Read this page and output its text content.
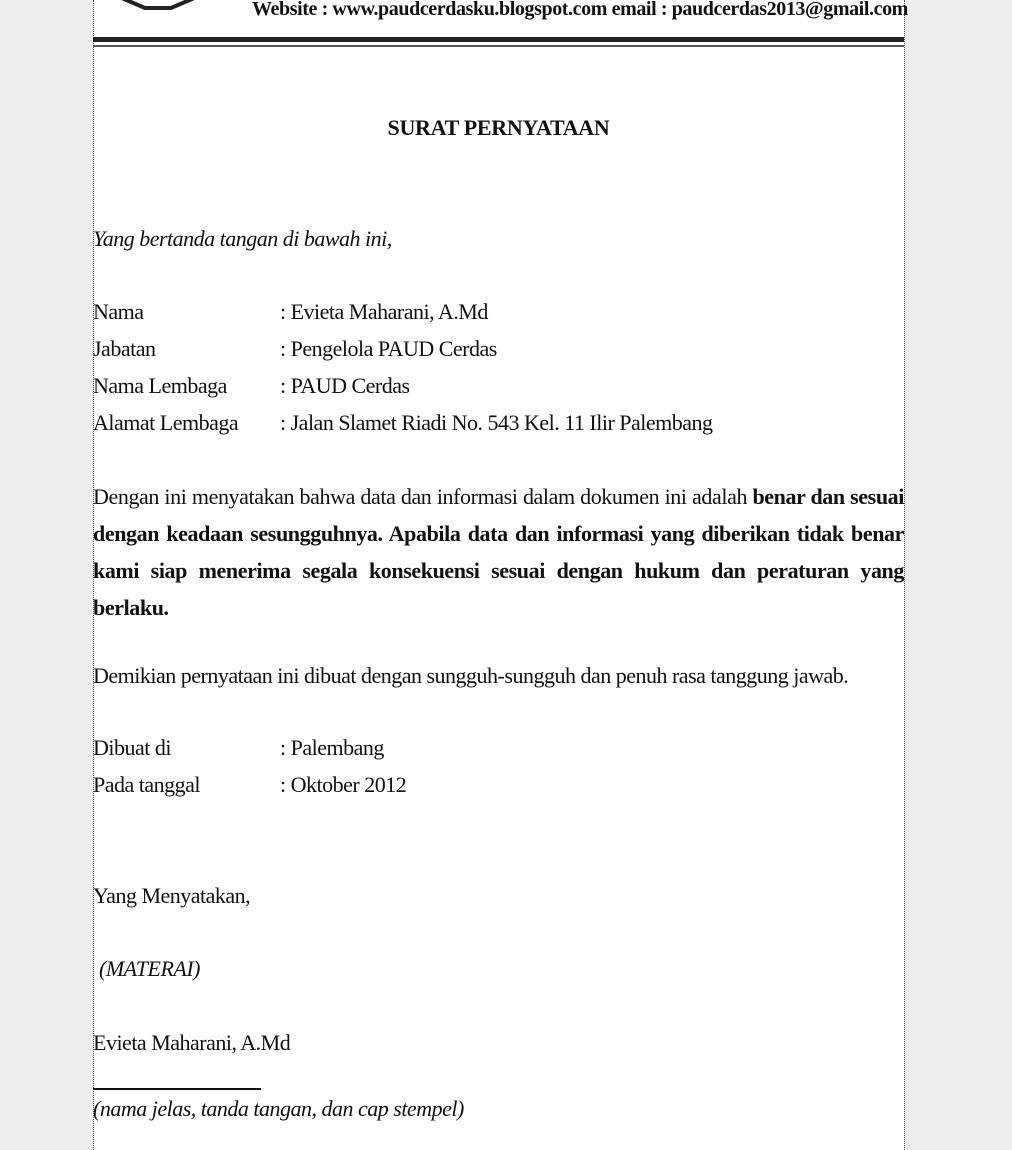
Website : www.paudcerdasku.blogspot.com email : paudcerdas2013@gmail.com
SURAT PERNYATAAN
Yang bertanda tangan di bawah ini,
Nama	: Evieta Maharani, A.Md
Jabatan	: Pengelola PAUD Cerdas
Nama Lembaga : PAUD Cerdas
Alamat Lembaga : Jalan Slamet Riadi No. 543 Kel. 11 Ilir Palembang
Dengan ini menyatakan bahwa data dan informasi dalam dokumen ini adalah benar dan sesuai dengan keadaan sesungguhnya. Apabila data dan informasi yang diberikan tidak benar kami siap menerima segala konsekuensi sesuai dengan hukum dan peraturan yang berlaku.
Demikian pernyataan ini dibuat dengan sungguh-sungguh dan penuh rasa tanggung jawab.
Dibuat di	: Palembang
Pada tanggal	: Oktober 2012
Yang Menyatakan,
(MATERAI)
Evieta Maharani, A.Md
(nama jelas, tanda tangan, dan cap stempel)
